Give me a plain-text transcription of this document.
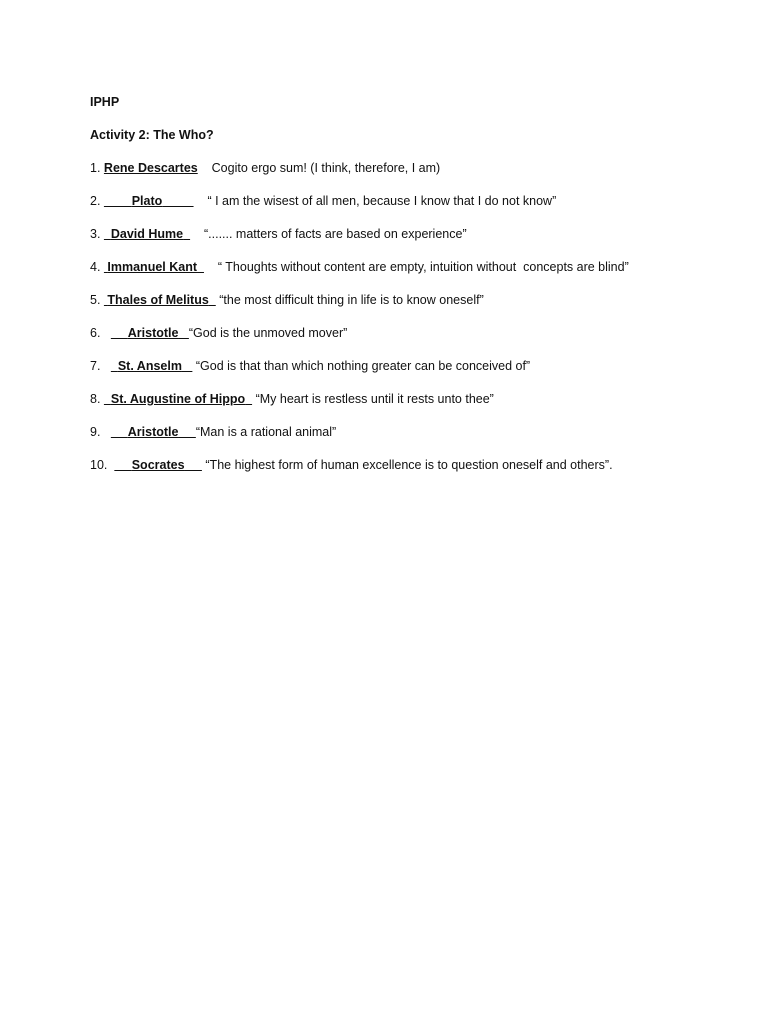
IPHP

Activity 2: The Who?

1. Rene Descartes Cogito ergo sum! (I think, therefore, I am)

2.	Plato	“ I am the wisest of all men, because I know that I do not know”

3. David Hume “....... matters of facts are based on experience”

4. Immanuel Kant “ Thoughts without content are empty, intuition without  concepts are blind”

5. Thales of Melitus “the most difficult thing in life is to know oneself”

6. Aristotle “God is the unmoved mover”

7. St. Anselm “God is that than which nothing greater can be conceived of”

8. St. Augustine of Hippo “My heart is restless until it rests unto thee”

9. Aristotle “Man is a rational animal”

10. Socrates “The highest form of human excellence is to question oneself and others”.
